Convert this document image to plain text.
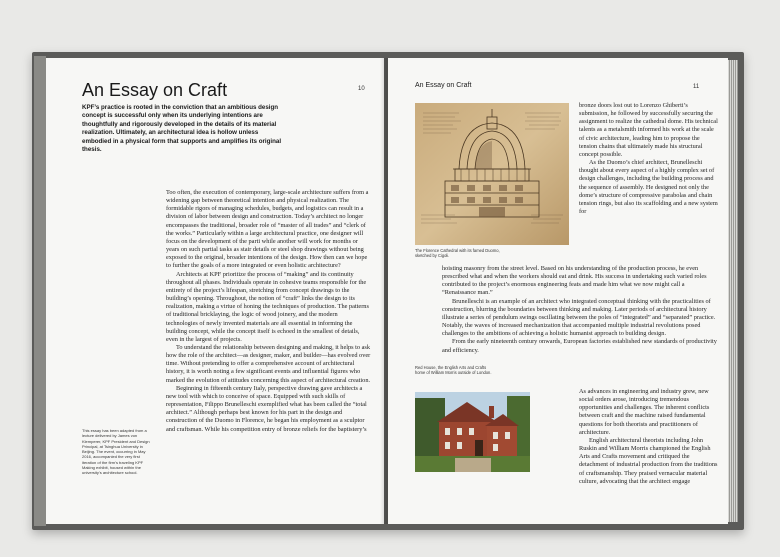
An Essay on Craft	10

KPF’s practice is rooted in the conviction that an ambitious design concept is successful only when its underlying intentions are thoughtfully and rigorously developed in the details of its material realization. Ultimately, an architectural idea is hollow unless embodied in a physical form that supports and amplifies its original thesis.

Too often, the execution of contemporary, large-scale architecture suffers from a widening gap between theoretical intention and physical realization. The formidable rigors of managing schedules, budgets, and logistics can result in a division of labor between design and construction. Today’s architect no longer encompasses the traditional, broader role of “master of all trades” and “clerk of the works.” Particularly within a large architectural practice, one designer will focus on the development of the parti while another will work for months or years on such partial tasks as stair details or steel shop drawings without being exposed to the original, broader intentions of the design. How then can we hope to further the goals of a more integrated or even holistic architecture?

Architects at KPF prioritize the process of “making” and its continuity throughout all phases. Individuals operate in cohesive teams responsible for the entirety of the project’s lifespan, stretching from concept drawings to the building’s opening. Throughout, the notion of “craft” links the design to its realization, making a virtue of honing the techniques of production. The patterns of traditional bricklaying, the logic of wood joinery, and the modern technologies of newly invented materials are all essential in informing the building concept, while the concept itself is echoed in the smallest of details, even in the largest of projects.

To understand the relationship between designing and making, it helps to ask how the role of the architect—as designer, maker, and builder—has evolved over time. Without pretending to offer a comprehensive account of architectural history, it is worth noting a few significant events and influential figures who marked the evolution of attitudes concerning this aspect of architectural creation.

Beginning in fifteenth century Italy, perspective drawing gave architects a new tool with which to conceive of space. Equipped with such skills of representation, Filippo Brunelleschi exemplified what has been called the “total architect.” Although perhaps best known for his part in the design and construction of the Duomo in Florence, he began his employment as a sculptor and craftsman. While his competition entry of bronze reliefs for the baptistery’s

This essay has been adapted from a lecture delivered by James von Klemperer, KPF President and Design Principal, at Tsinghua University in Beijing. The event, occurring in May 2016, accompanied the very first iteration of the firm’s traveling KPF Making exhibit, housed within the university’s architecture school.

An Essay on Craft	11
The Florence Cathedral with its famed Duomo, sketched by Cigoli.
Red House, the English Arts and Crafts home of William Morris outside of London.

bronze doors lost out to Lorenzo Ghiberti’s submission, he followed by successfully securing the assignment to realize the cathedral dome. His technical talents as a metalsmith informed his work at the scale of civic architecture, leading him to propose the tension chains that ultimately made his structural concept possible.

As the Duomo’s chief architect, Brunelleschi thought about every aspect of a highly complex set of design challenges, including the building process and the sequence of assembly. He designed not only the dome’s structure of compressive parabolas and chain tension rings, but also its scaffolding and a new system for

hoisting masonry from the street level. Based on his understanding of the production process, he even prescribed what and when the workers should eat and drink. His success in undertaking such varied roles contributed to the project’s enormous engineering feats and made him what we now might call a “Renaissance man.”

Brunelleschi is an example of an architect who integrated conceptual thinking with the practicalities of construction, blurring the boundaries between thinking and making. Later periods of architectural history illustrate a series of pendulum swings oscillating between the poles of “integrated” and “separated” practice. Notably, the waves of increased mechanization that accompanied multiple industrial revolutions posed challenges to the ambitions of achieving a holistic humanist approach to building design.

From the early nineteenth century onwards, European factories established new standards of productivity and efficiency.

As advances in engineering and industry grew, new social orders arose, introducing tremendous opportunities and challenges. The inherent conflicts between craft and the machine raised fundamental questions for both theorists and practitioners of architecture.

English architectural theorists including John Ruskin and William Morris championed the English Arts and Crafts movement and critiqued the detachment of industrial production from the traditions of craftsmanship. They praised vernacular material culture, advocating that the architect engage
